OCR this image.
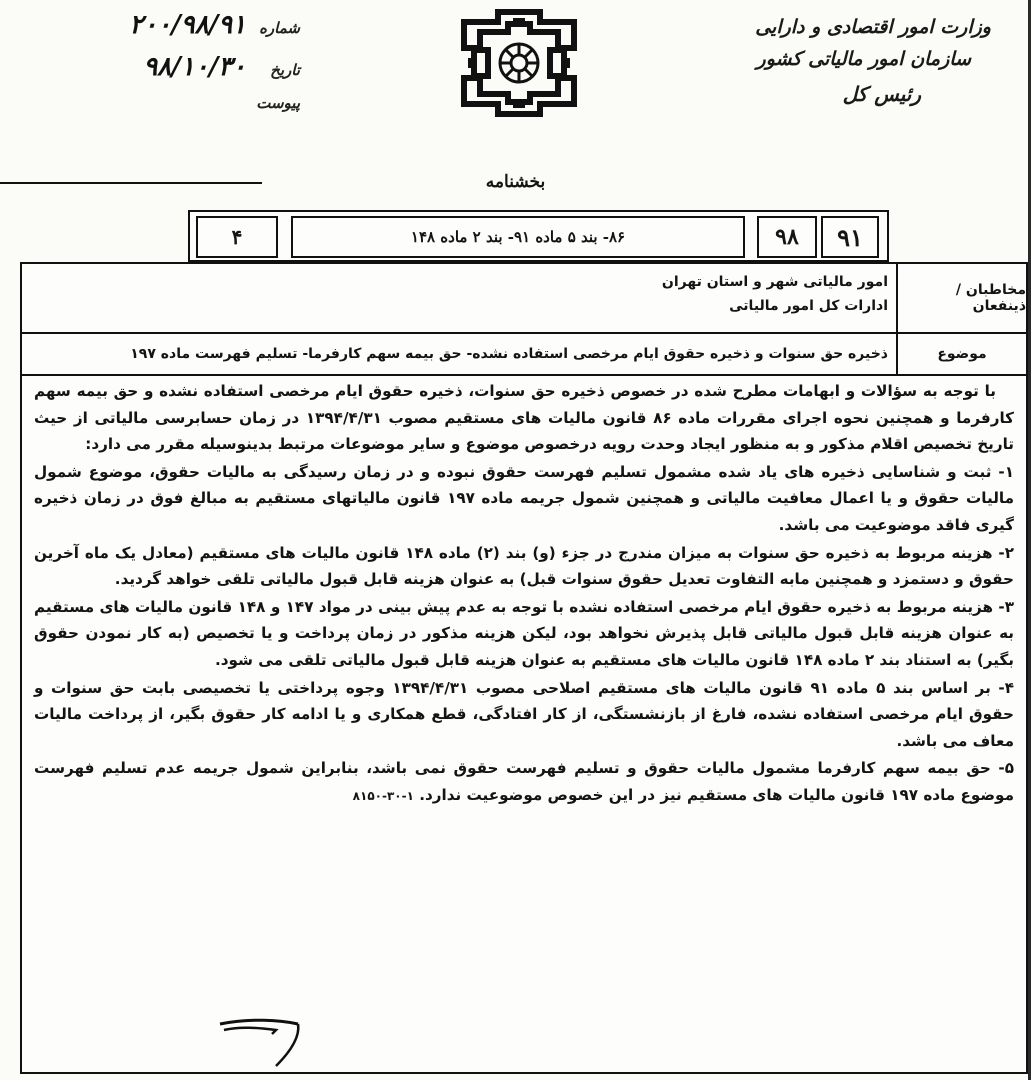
وزارت امور اقتصادی و دارایی
سازمان امور مالیاتی کشور
رئیس کل
شماره
۲۰۰/۹۸/۹۱
تاریخ
۹۸/۱۰/۳۰
پیوست
بخشنامه
۹۱
۹۸
۸۶- بند ۵ ماده ۹۱- بند ۲ ماده ۱۴۸
۴
مخاطبان / ذینفعان
امور مالیاتی شهر و استان تهران
ادارات کل امور مالیاتی
موضوع
ذخیره حق سنوات و ذخیره حقوق ایام مرخصی استفاده نشده- حق بیمه سهم کارفرما- تسلیم فهرست ماده ۱۹۷

با توجه به سؤالات و ابهامات مطرح شده در خصوص ذخیره حق سنوات، ذخیره حقوق ایام مرخصی استفاده نشده و حق بیمه سهم کارفرما و همچنین نحوه اجرای مقررات ماده ۸۶ قانون مالیات های مستقیم مصوب ۱۳۹۴/۴/۳۱ در زمان حسابرسی مالیاتی از حیث تاریخ تخصیص اقلام مذکور و به منظور ایجاد وحدت رویه درخصوص موضوع و سایر موضوعات مرتبط بدینوسیله مقرر می دارد:

۱- ثبت و شناسایی ذخیره های یاد شده مشمول تسلیم فهرست حقوق نبوده و در زمان رسیدگی به مالیات حقوق، موضوع شمول مالیات حقوق و یا اعمال معافیت مالیاتی و همچنین شمول جریمه ماده ۱۹۷ قانون مالیاتهای مستقیم به مبالغ فوق در زمان ذخیره گیری فاقد موضوعیت می باشد.

۲- هزینه مربوط به ذخیره حق سنوات به میزان مندرج در جزء (و) بند (۲) ماده ۱۴۸ قانون مالیات های مستقیم (معادل یک ماه آخرین حقوق و دستمزد و همچنین مابه التفاوت تعدیل حقوق سنوات قبل) به عنوان هزینه قابل قبول مالیاتی تلقی خواهد گردید.

۳- هزینه مربوط به ذخیره حقوق ایام مرخصی استفاده نشده با توجه به عدم پیش بینی در مواد ۱۴۷ و ۱۴۸ قانون مالیات های مستقیم به عنوان هزینه قابل قبول مالیاتی قابل پذیرش نخواهد بود، لیکن هزینه مذکور در زمان پرداخت و یا تخصیص (به کار نمودن حقوق بگیر) به استناد بند ۲ ماده ۱۴۸ قانون مالیات های مستقیم به عنوان هزینه قابل قبول مالیاتی تلقی می شود.

۴- بر اساس بند ۵ ماده ۹۱ قانون مالیات های مستقیم اصلاحی مصوب ۱۳۹۴/۴/۳۱ وجوه پرداختی یا تخصیصی بابت حق سنوات و حقوق ایام مرخصی استفاده نشده، فارغ از بازنشستگی، از کار افتادگی، قطع همکاری و یا ادامه کار حقوق بگیر، از پرداخت مالیات معاف می باشد.

۵- حق بیمه سهم کارفرما مشمول مالیات حقوق و تسلیم فهرست حقوق نمی باشد، بنابراین شمول جریمه عدم تسلیم فهرست موضوع ماده ۱۹۷ قانون مالیات های مستقیم نیز در این خصوص موضوعیت ندارد. ۸۱۵۰-۳۰-۱
